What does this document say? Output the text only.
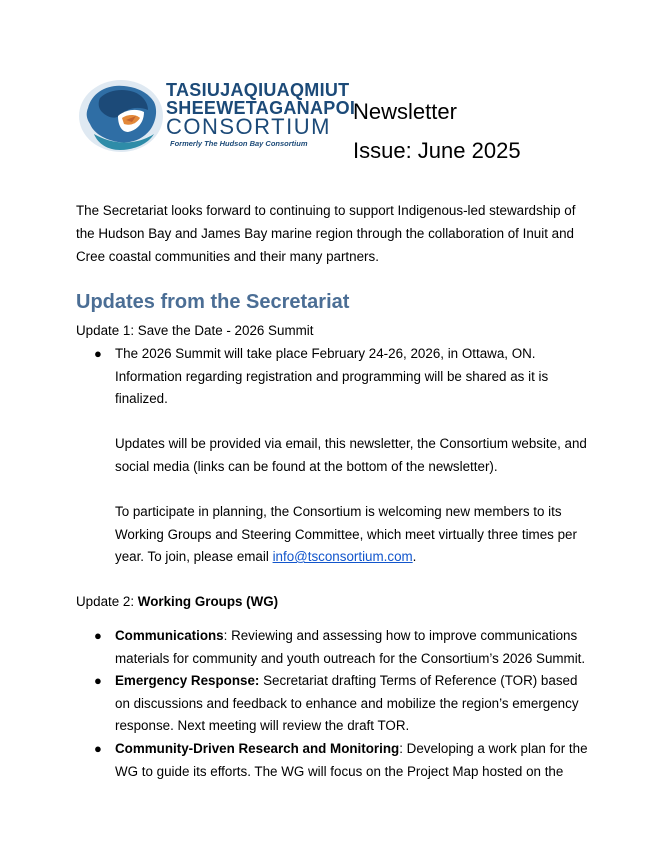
TASIUJAQIUAQMIUT
SHEEWETAGANAPOI
CONSORTIUM
Formerly The Hudson Bay Consortium
Newsletter
Issue: June 2025

The Secretariat looks forward to continuing to support Indigenous-led stewardship of the Hudson Bay and James Bay marine region through the collaboration of Inuit and Cree coastal communities and their many partners.

Updates from the Secretariat

Update 1: Save the Date - 2026 Summit

● The 2026 Summit will take place February 24-26, 2026, in Ottawa, ON. Information regarding registration and programming will be shared as it is finalized.

Updates will be provided via email, this newsletter, the Consortium website, and social media (links can be found at the bottom of the newsletter).

To participate in planning, the Consortium is welcoming new members to its Working Groups and Steering Committee, which meet virtually three times per year. To join, please email info@tsconsortium.com.

Update 2: Working Groups (WG)

● Communications: Reviewing and assessing how to improve communications materials for community and youth outreach for the Consortium’s 2026 Summit.

● Emergency Response: Secretariat drafting Terms of Reference (TOR) based on discussions and feedback to enhance and mobilize the region’s emergency response. Next meeting will review the draft TOR.

● Community-Driven Research and Monitoring: Developing a work plan for the WG to guide its efforts. The WG will focus on the Project Map hosted on the
